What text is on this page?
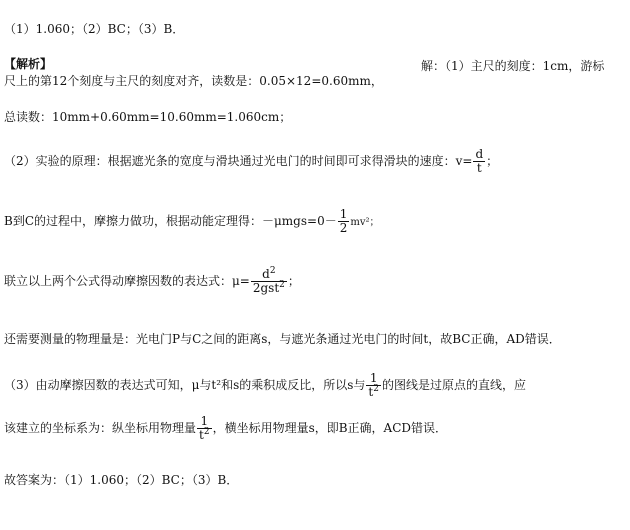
（1）1.060；（2）BC；（3）B．
【解析】	解：（1）主尺的刻度：1cm，游标
尺上的第12个刻度与主尺的刻度对齐，读数是：0.05×12=0.60mm，
总读数：10mm+0.60mm=10.60mm=1.060cm；
（2）实验的原理：根据遮光条的宽度与滑块通过光电门的时间即可求得滑块的速度：$v= \frac{d}{t}$ ；
B到C的过程中，摩擦力做功，根据动能定理得：$-\mu mgs=0- \frac{1}{2} mv^2$；
联立以上两个公式得动摩擦因数的表达式：$\mu= \frac{d^2}{2gst^2}$ ；
还需要测量的物理量是：光电门P与C之间的距离s，与遮光条通过光电门的时间t，故BC正确，AD错误．
（3）由动摩擦因数的表达式可知，μ与t²和s的乘积成反比，所以s与 $\frac{1}{t^2}$ 的图线是过原点的直线，应
该建立的坐标系为：纵坐标用物理量 $\frac{1}{t^2}$ ，横坐标用物理量s，即B正确，ACD错误．
故答案为：（1）1.060；（2）BC；（3）B．
